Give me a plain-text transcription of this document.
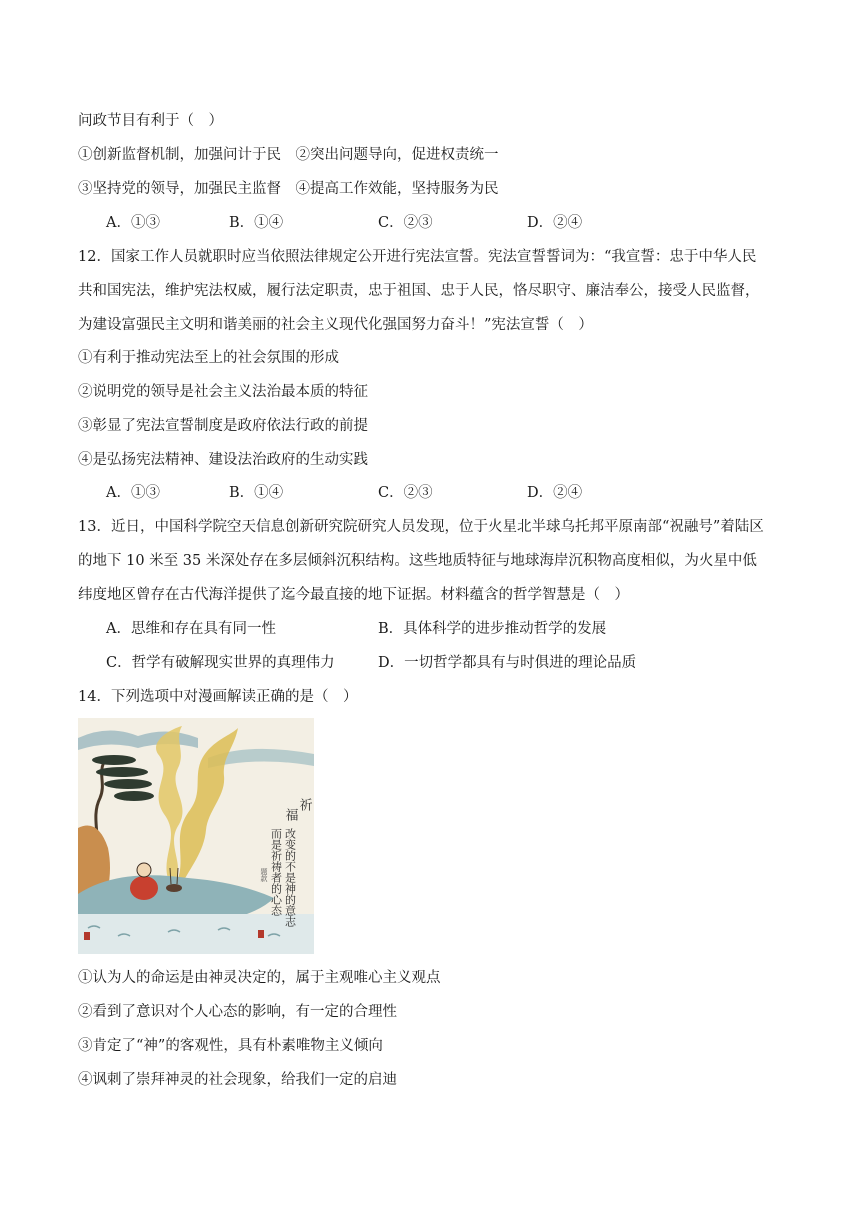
问政节目有利于（　）
①创新监督机制，加强问计于民　②突出问题导向，促进权责统一
③坚持党的领导，加强民主监督　④提高工作效能，坚持服务为民
A．①③	B．①④	C．②③	D．②④
12．国家工作人员就职时应当依照法律规定公开进行宪法宣誓。宪法宣誓誓词为：“我宣誓：忠于中华人民
共和国宪法，维护宪法权威，履行法定职责，忠于祖国、忠于人民，恪尽职守、廉洁奉公，接受人民监督，
为建设富强民主文明和谐美丽的社会主义现代化强国努力奋斗！”宪法宣誓（　）
①有利于推动宪法至上的社会氛围的形成
②说明党的领导是社会主义法治最本质的特征
③彰显了宪法宣誓制度是政府依法行政的前提
④是弘扬宪法精神、建设法治政府的生动实践
A．①③	B．①④	C．②③	D．②④
13．近日，中国科学院空天信息创新研究院研究人员发现，位于火星北半球乌托邦平原南部“祝融号”着陆区
的地下 10 米至 35 米深处存在多层倾斜沉积结构。这些地质特征与地球海岸沉积物高度相似，为火星中低
纬度地区曾存在古代海洋提供了迄今最直接的地下证据。材料蕴含的哲学智慧是（　）
A．思维和存在具有同一性	B．具体科学的进步推动哲学的发展
C．哲学有破解现实世界的真理伟力	D．一切哲学都具有与时俱进的理论品质
14．下列选项中对漫画解读正确的是（　）
祈
福
改变的不是神的意志
而是祈祷者的心态
题款
①认为人的命运是由神灵决定的，属于主观唯心主义观点
②看到了意识对个人心态的影响，有一定的合理性
③肯定了“神”的客观性，具有朴素唯物主义倾向
④讽刺了崇拜神灵的社会现象，给我们一定的启迪
